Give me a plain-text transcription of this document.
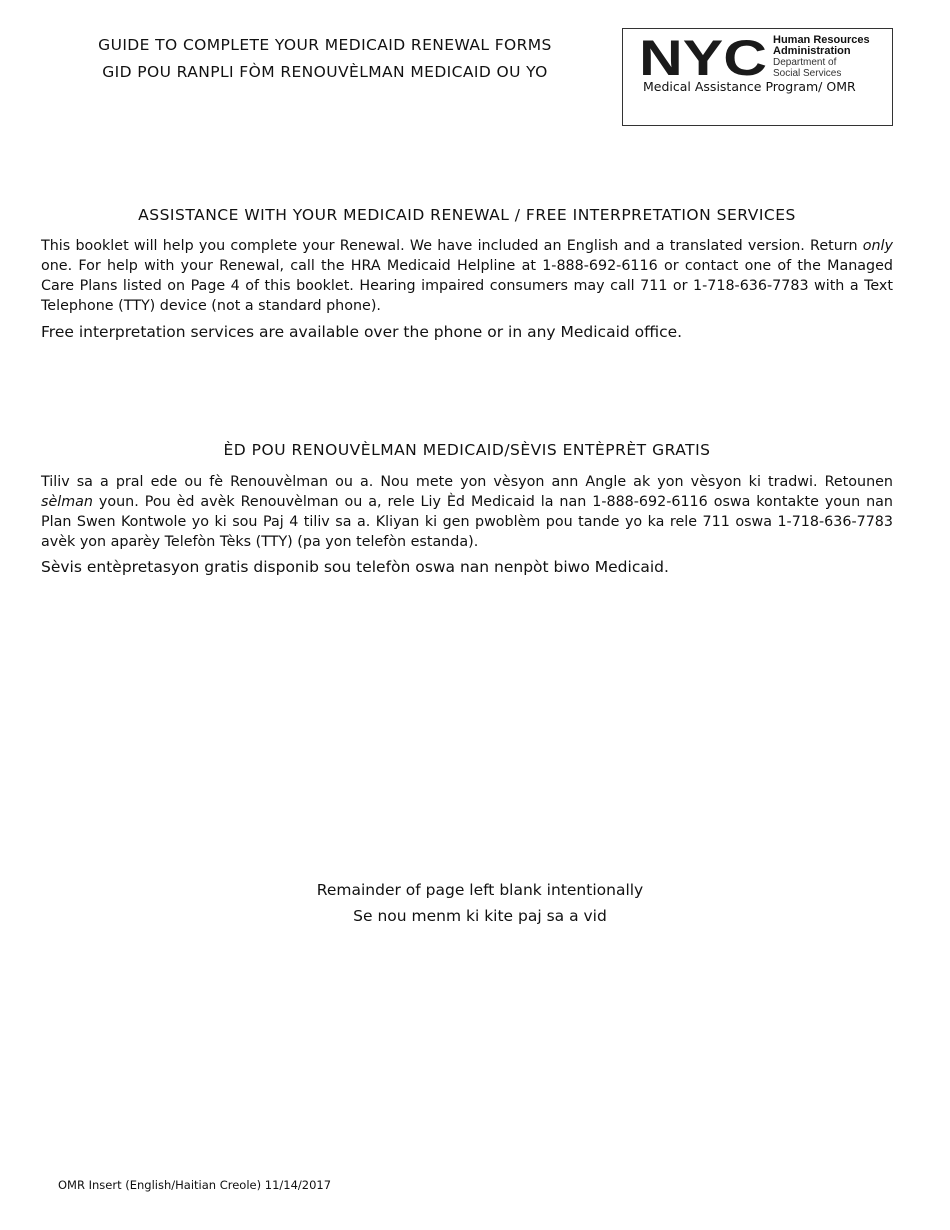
GUIDE TO COMPLETE YOUR MEDICAID RENEWAL FORMS
GID POU RANPLI FÒM RENOUVÈLMAN MEDICAID OU YO	NYC Human Resources
Administration
Department of
Social Services
Medical Assistance Program/ OMR
ASSISTANCE WITH YOUR MEDICAID RENEWAL / FREE INTERPRETATION SERVICES

This booklet will help you complete your Renewal. We have included an English and a translated version. Return only one. For help with your Renewal, call the HRA Medicaid Helpline at 1-888-692-6116 or contact one of the Managed Care Plans listed on Page 4 of this booklet. Hearing impaired consumers may call 711 or 1-718-636-7783 with a Text Telephone (TTY) device (not a standard phone).

Free interpretation services are available over the phone or in any Medicaid office.
ÈD POU RENOUVÈLMAN MEDICAID/SÈVIS ENTÈPRÈT GRATIS

Tiliv sa a pral ede ou fè Renouvèlman ou a. Nou mete yon vèsyon ann Angle ak yon vèsyon ki tradwi. Retounen sèlman youn. Pou èd avèk Renouvèlman ou a, rele Liy Èd Medicaid la nan 1-888-692-6116 oswa kontakte youn nan Plan Swen Kontwole yo ki sou Paj 4 tiliv sa a. Kliyan ki gen pwoblèm pou tande yo ka rele 711 oswa 1-718-636-7783 avèk yon aparèy Telefòn Tèks (TTY) (pa yon telefòn estanda).

Sèvis entèpretasyon gratis disponib sou telefòn oswa nan nenpòt biwo Medicaid.
Remainder of page left blank intentionally
Se nou menm ki kite paj sa a vid
OMR Insert (English/Haitian Creole) 11/14/2017
